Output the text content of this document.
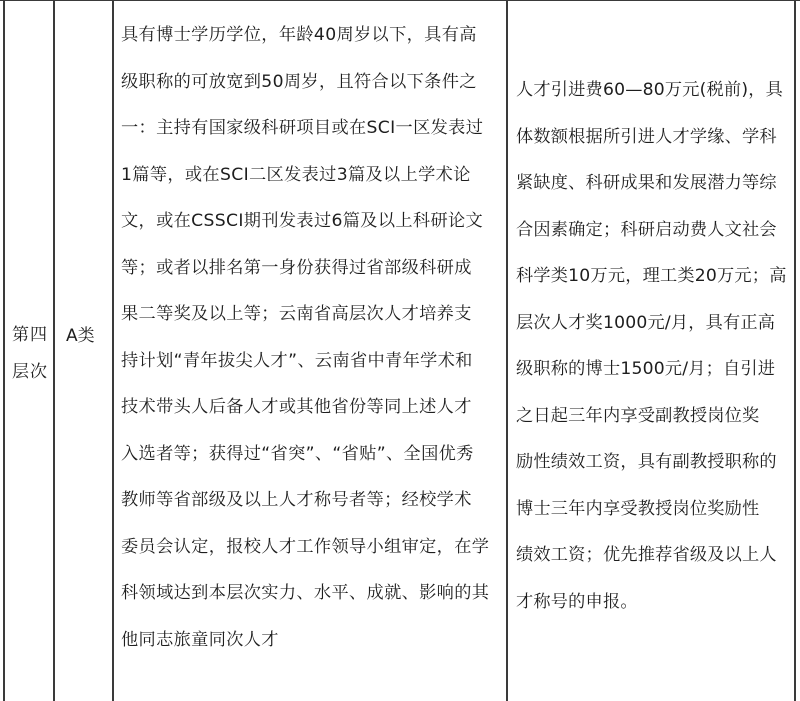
第四
层次
A类
具有博士学历学位，年龄40周岁以下，具有高
级职称的可放宽到50周岁，且符合以下条件之
一：主持有国家级科研项目或在SCI一区发表过
1篇等，或在SCI二区发表过3篇及以上学术论
文，或在CSSCI期刊发表过6篇及以上科研论文
等；或者以排名第一身份获得过省部级科研成
果二等奖及以上等；云南省高层次人才培养支
持计划“青年拔尖人才”、云南省中青年学术和
技术带头人后备人才或其他省份等同上述人才
入选者等；获得过“省突”、“省贴”、全国优秀
教师等省部级及以上人才称号者等；经校学术
委员会认定，报校人才工作领导小组审定，在学
科领域达到本层次实力、水平、成就、影响的其
他同志旅童同次人才
人才引进费60—80万元(税前)，具
体数额根据所引进人才学缘、学科
紧缺度、科研成果和发展潜力等综
合因素确定；科研启动费人文社会
科学类10万元，理工类20万元；高
层次人才奖1000元/月，具有正高
级职称的博士1500元/月；自引进
之日起三年内享受副教授岗位奖
励性绩效工资，具有副教授职称的
博士三年内享受教授岗位奖励性
绩效工资；优先推荐省级及以上人
才称号的申报。
